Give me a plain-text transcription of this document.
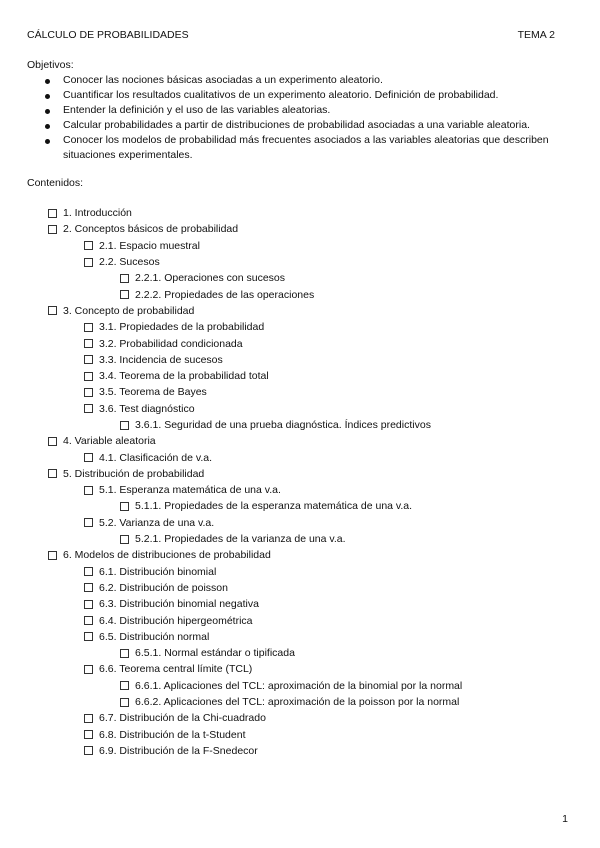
CÁLCULO DE PROBABILIDADES	TEMA 2
Objetivos:
Conocer las nociones básicas asociadas a un experimento aleatorio.
Cuantificar los resultados cualitativos de un experimento aleatorio. Definición de probabilidad.
Entender la definición y el uso de las variables aleatorias.
Calcular probabilidades a partir de distribuciones de probabilidad asociadas a una variable aleatoria.
Conocer los modelos de probabilidad más frecuentes asociados a las variables aleatorias que describen situaciones experimentales.
Contenidos:
1. Introducción
2. Conceptos básicos de probabilidad
2.1. Espacio muestral
2.2. Sucesos
2.2.1. Operaciones con sucesos
2.2.2. Propiedades de las operaciones
3. Concepto de probabilidad
3.1. Propiedades de la probabilidad
3.2. Probabilidad condicionada
3.3. Incidencia de sucesos
3.4. Teorema de la probabilidad total
3.5. Teorema de Bayes
3.6. Test diagnóstico
3.6.1. Seguridad de una prueba diagnóstica. Índices predictivos
4. Variable aleatoria
4.1. Clasificación de v.a.
5. Distribución de probabilidad
5.1. Esperanza matemática de una v.a.
5.1.1. Propiedades de la esperanza matemática de una v.a.
5.2. Varianza de una v.a.
5.2.1. Propiedades de la varianza de una v.a.
6. Modelos de distribuciones de probabilidad
6.1. Distribución binomial
6.2. Distribución de poisson
6.3. Distribución binomial negativa
6.4. Distribución hipergeométrica
6.5. Distribución normal
6.5.1. Normal estándar o tipificada
6.6. Teorema central límite (TCL)
6.6.1. Aplicaciones del TCL: aproximación de la binomial por la normal
6.6.2. Aplicaciones del TCL: aproximación de la poisson por la normal
6.7. Distribución de la Chi-cuadrado
6.8. Distribución de la t-Student
6.9. Distribución de la F-Snedecor
1
